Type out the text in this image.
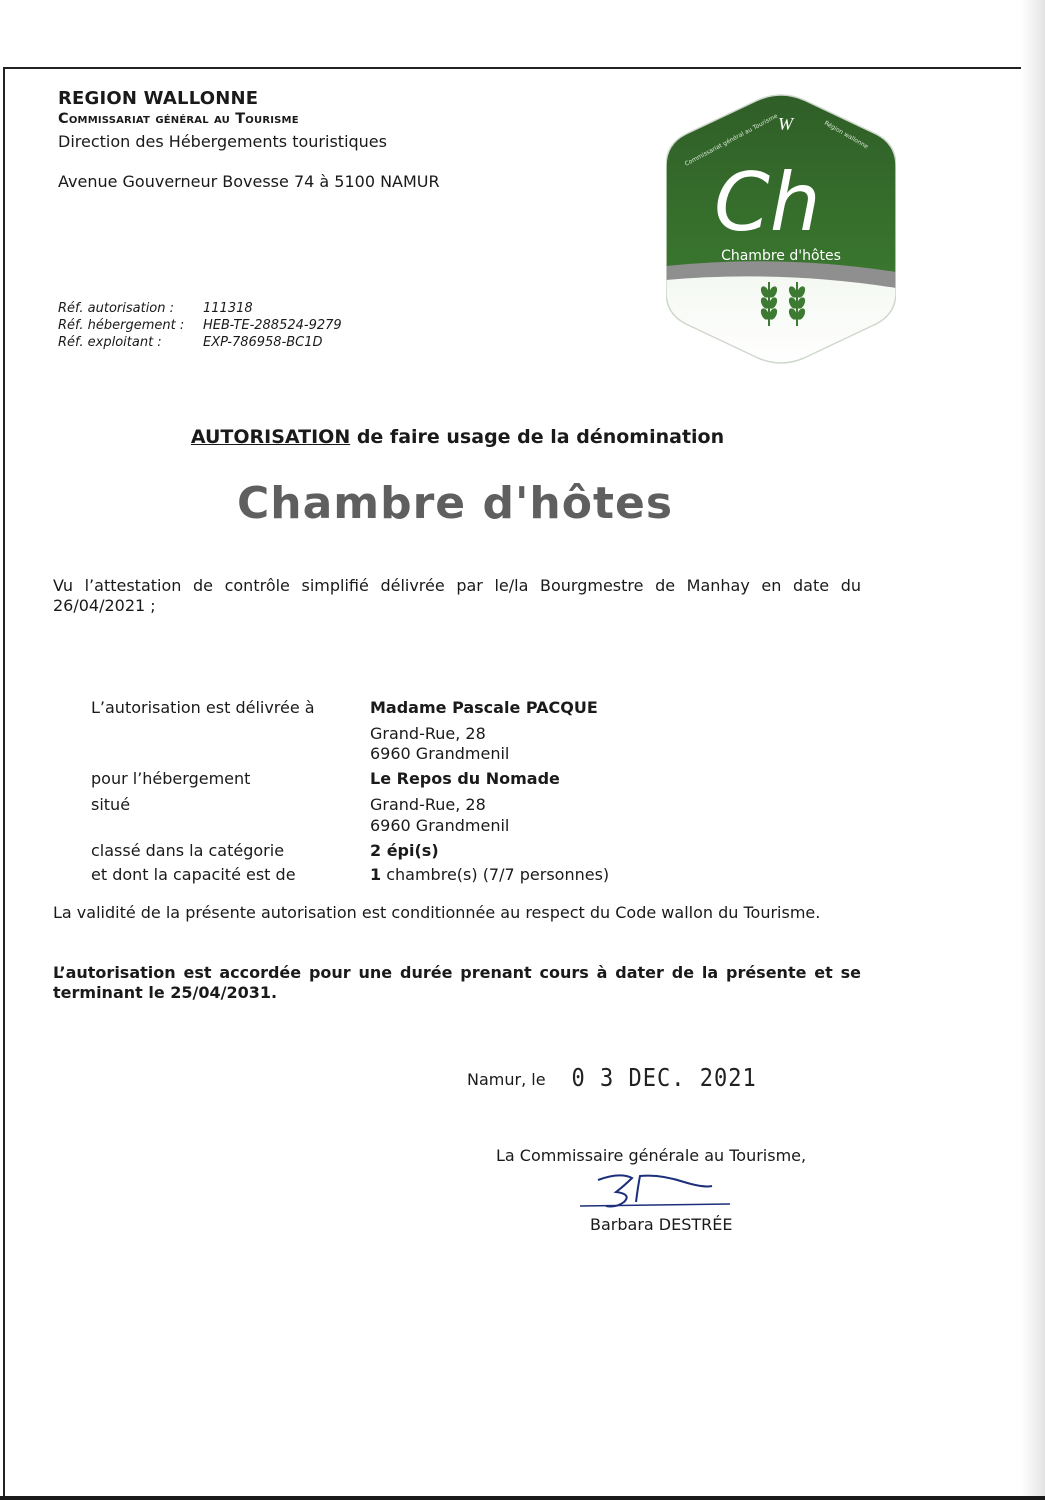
REGION WALLONNE
Commissariat général au Tourisme
Direction des Hébergements touristiques
Avenue Gouverneur Bovesse 74 à 5100 NAMUR
Réf. autorisation :	111318
Réf. hébergement :	HEB-TE-288524-9279
Réf. exploitant :	EXP-786958-BC1D
W
Commissariat général au Tourisme	Région wallonne
Ch
Chambre d'hôtes
AUTORISATION de faire usage de la dénomination
Chambre d'hôtes
Vu l’attestation de contrôle simplifié délivrée par le/la Bourgmestre de Manhay en date du 26/04/2021 ;
L’autorisation est délivrée à	Madame Pascale PACQUE
Grand-Rue, 28
6960 Grandmenil
pour l’hébergement	Le Repos du Nomade
situé	Grand-Rue, 28
6960 Grandmenil
classé dans la catégorie	2 épi(s)
et dont la capacité est de	1 chambre(s) (7/7 personnes)
La validité de la présente autorisation est conditionnée au respect du Code wallon du Tourisme.
L’autorisation est accordée pour une durée prenant cours à dater de la présente et se terminant le 25/04/2031.
Namur, le 0 3 DEC. 2021
La Commissaire générale au Tourisme,
Barbara DESTRÉE
